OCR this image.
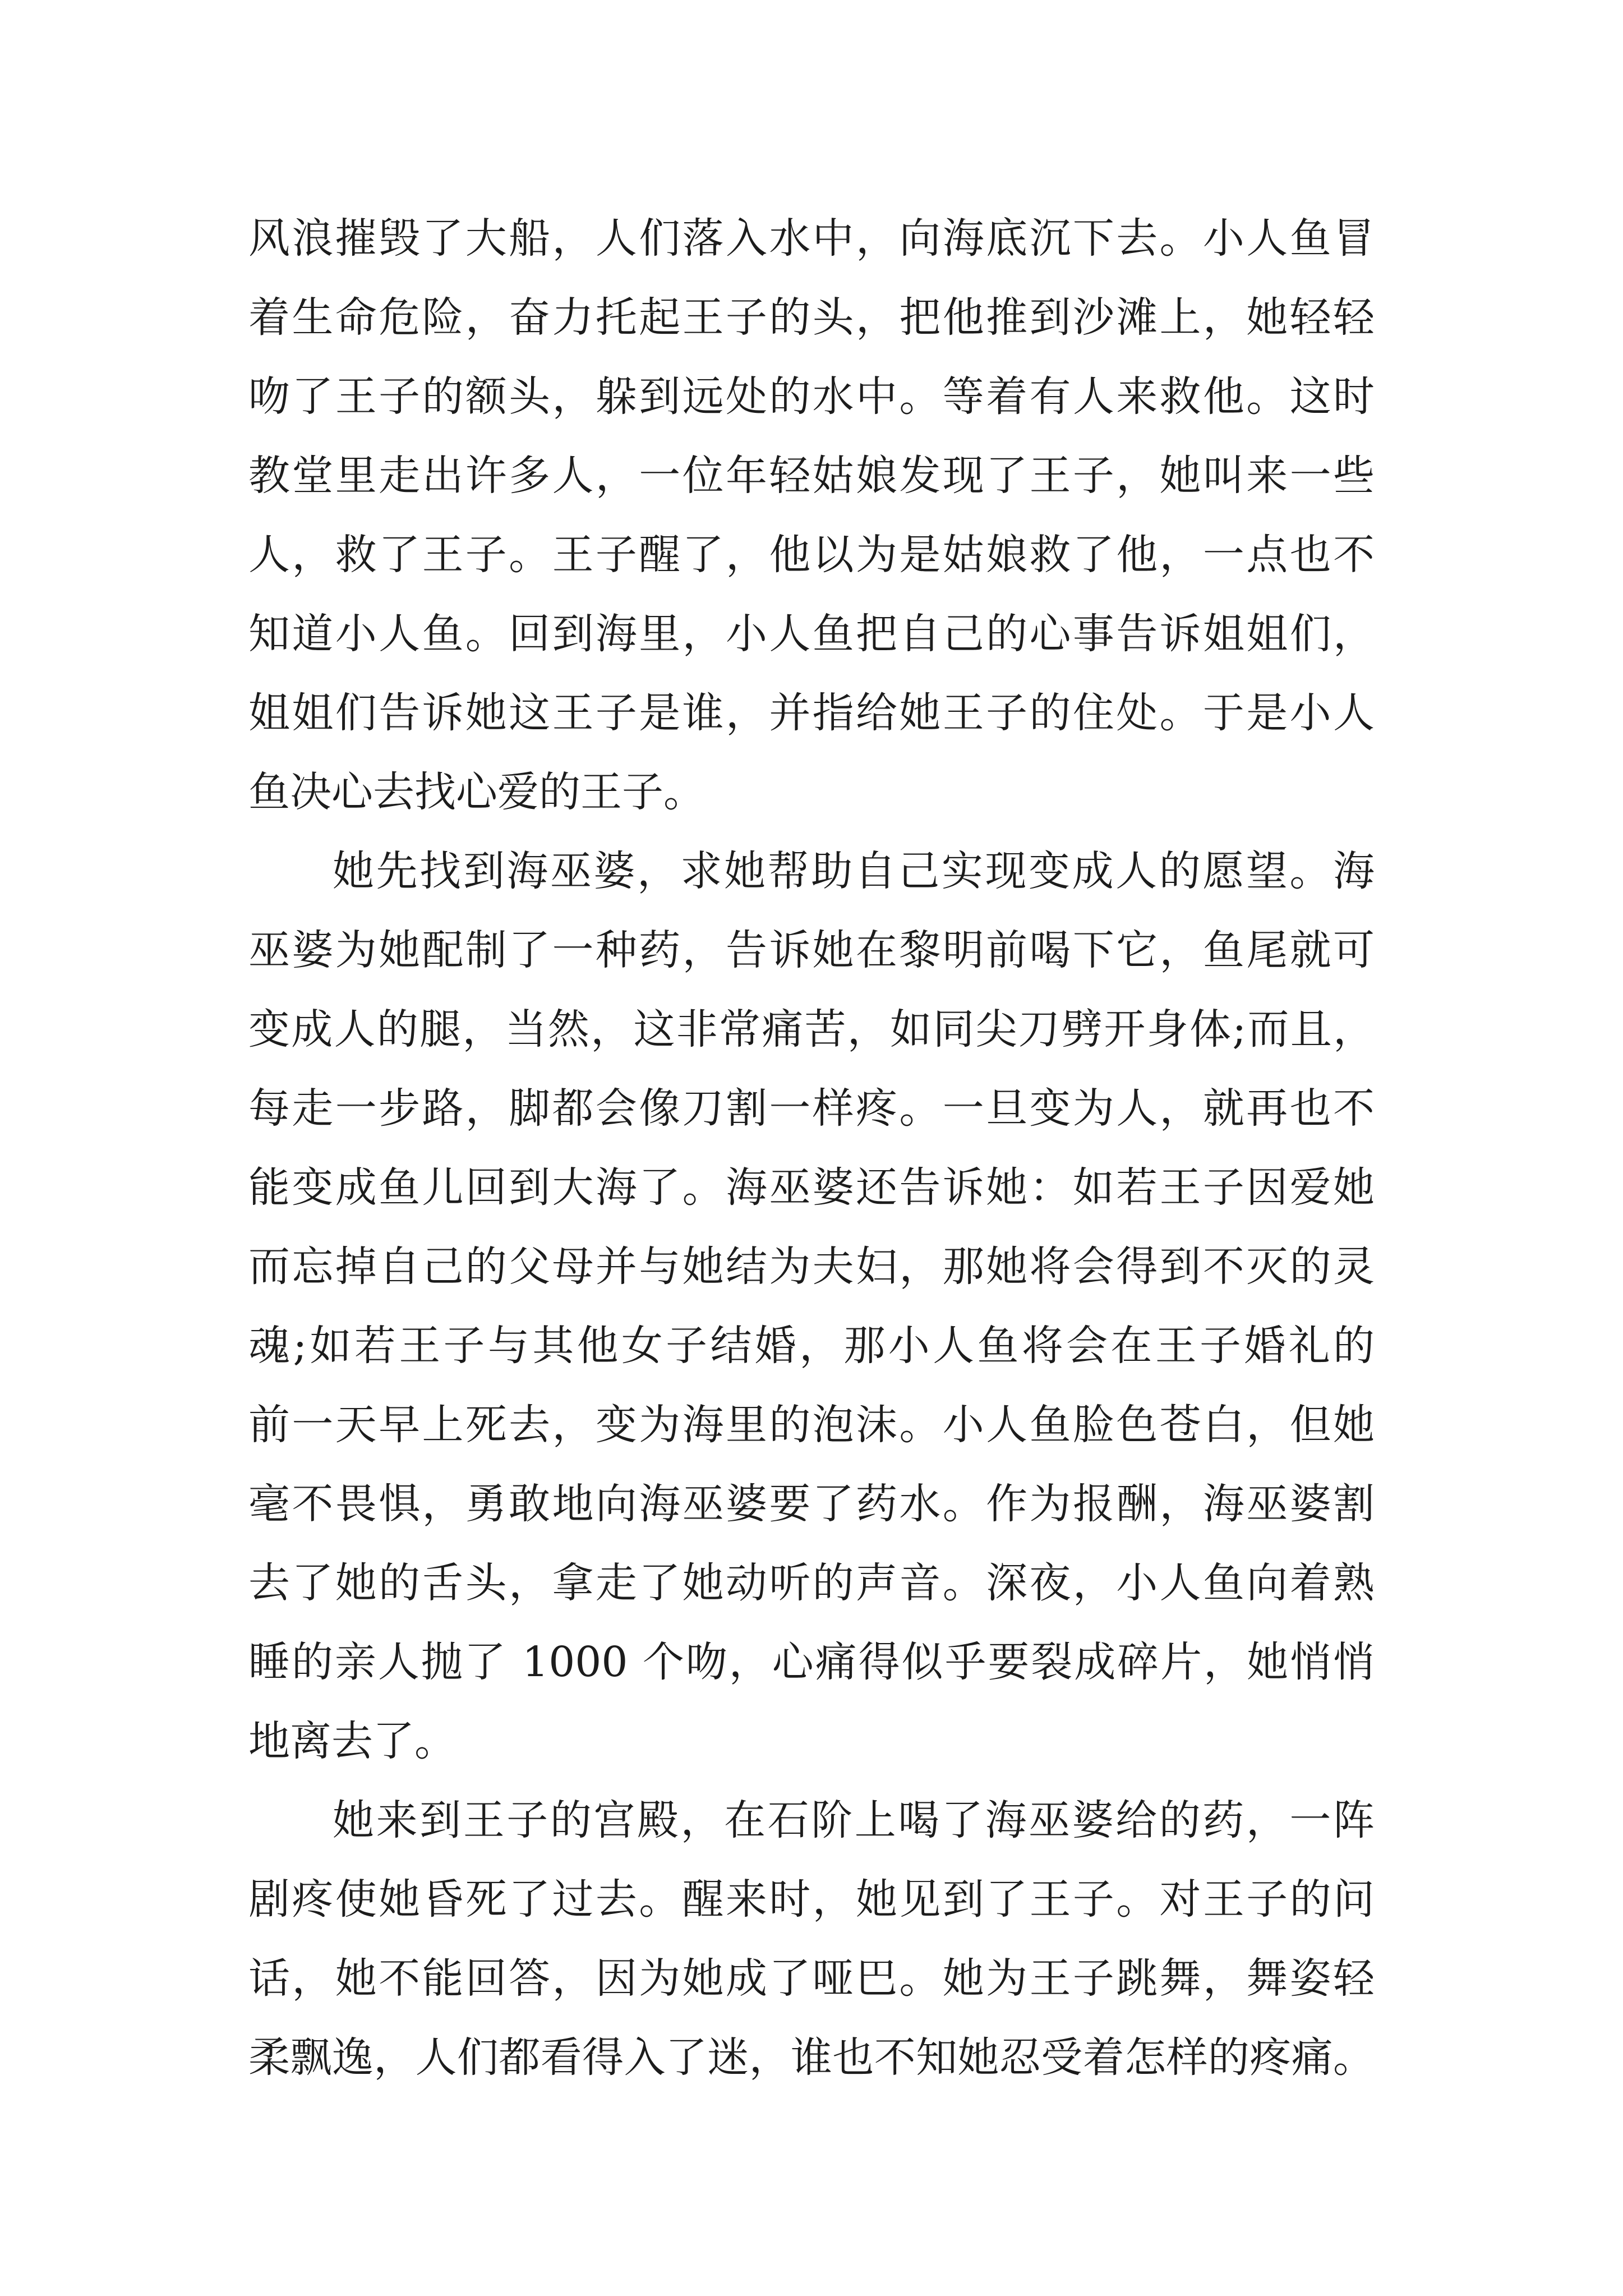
风浪摧毁了大船，人们落入水中，向海底沉下去。小人鱼冒
着生命危险，奋力托起王子的头，把他推到沙滩上，她轻轻
吻了王子的额头，躲到远处的水中。等着有人来救他。这时
教堂里走出许多人，一位年轻姑娘发现了王子，她叫来一些
人，救了王子。王子醒了，他以为是姑娘救了他，一点也不
知道小人鱼。回到海里，小人鱼把自己的心事告诉姐姐们，
姐姐们告诉她这王子是谁，并指给她王子的住处。于是小人
鱼决心去找心爱的王子。
她先找到海巫婆，求她帮助自己实现变成人的愿望。海
巫婆为她配制了一种药，告诉她在黎明前喝下它，鱼尾就可
变成人的腿，当然，这非常痛苦，如同尖刀劈开身体;而且，
每走一步路，脚都会像刀割一样疼。一旦变为人，就再也不
能变成鱼儿回到大海了。海巫婆还告诉她：如若王子因爱她
而忘掉自己的父母并与她结为夫妇，那她将会得到不灭的灵
魂;如若王子与其他女子结婚，那小人鱼将会在王子婚礼的
前一天早上死去，变为海里的泡沫。小人鱼脸色苍白，但她
毫不畏惧，勇敢地向海巫婆要了药水。作为报酬，海巫婆割
去了她的舌头，拿走了她动听的声音。深夜，小人鱼向着熟
睡的亲人抛了 1000 个吻，心痛得似乎要裂成碎片，她悄悄
地离去了。
她来到王子的宫殿，在石阶上喝了海巫婆给的药，一阵
剧疼使她昏死了过去。醒来时，她见到了王子。对王子的问
话，她不能回答，因为她成了哑巴。她为王子跳舞，舞姿轻
柔飘逸，人们都看得入了迷，谁也不知她忍受着怎样的疼痛。
